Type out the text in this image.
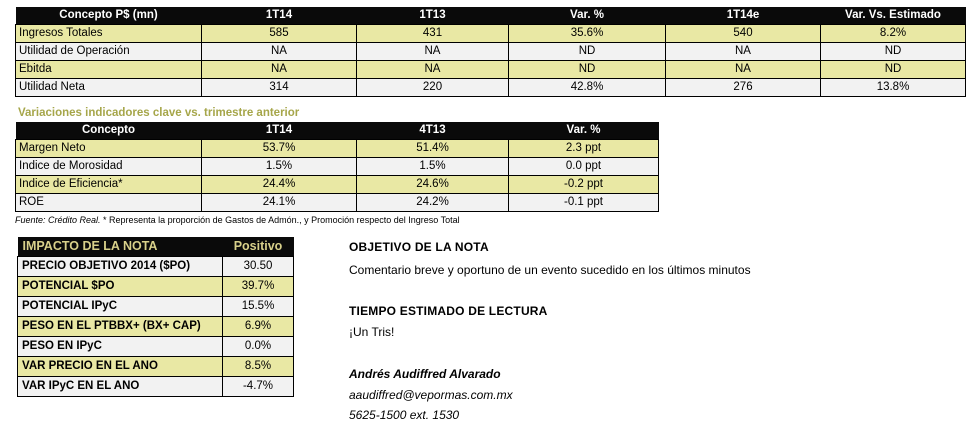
Concepto P$ (mn)	1T14	1T13	Var. %	1T14e	Var. Vs. Estimado
Ingresos Totales	585	431	35.6%	540	8.2%
Utilidad de Operación	NA	NA	ND	NA	ND
Ebitda	NA	NA	ND	NA	ND
Utilidad Neta	314	220	42.8%	276	13.8%
Variaciones indicadores clave vs. trimestre anterior
Concepto	1T14	4T13	Var. %
Margen Neto	53.7%	51.4%	2.3 ppt
Indice de Morosidad	1.5%	1.5%	0.0 ppt
Indice de Eficiencia*	24.4%	24.6%	-0.2 ppt
ROE	24.1%	24.2%	-0.1 ppt
Fuente: Crédito Real. * Representa la proporción de Gastos de Admón., y Promoción respecto del Ingreso Total
IMPACTO DE LA NOTA	Positivo
PRECIO OBJETIVO 2014 ($PO)	30.50
POTENCIAL $PO	39.7%
POTENCIAL IPyC	15.5%
PESO EN EL PTBBX+ (BX+ CAP)	6.9%
PESO EN IPyC	0.0%
VAR PRECIO EN EL ANO	8.5%
VAR IPyC EN EL ANO	-4.7%
OBJETIVO DE LA NOTA
Comentario breve y oportuno de un evento sucedido en los últimos minutos
TIEMPO ESTIMADO DE LECTURA
¡Un Tris!
Andrés Audiffred Alvarado
aaudiffred@vepormas.com.mx
5625-1500 ext. 1530
